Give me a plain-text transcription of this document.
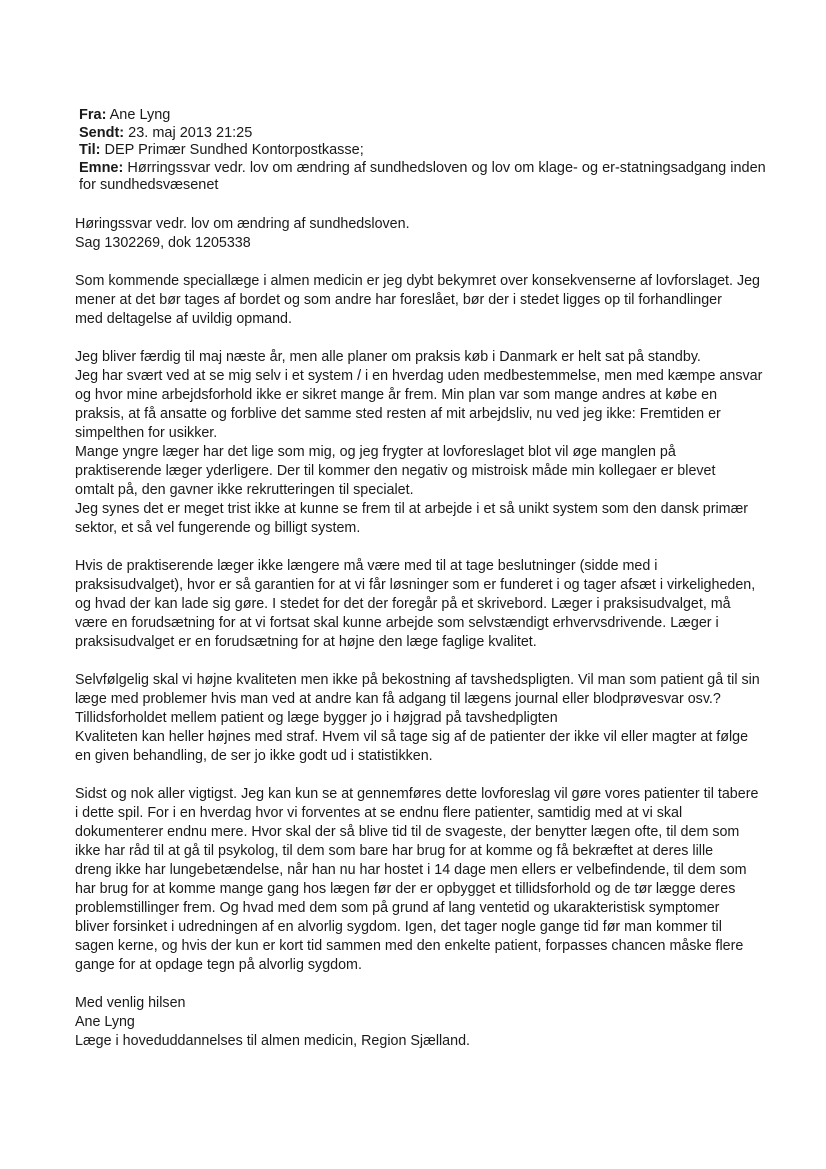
Fra: Ane Lyng
Sendt: 23. maj 2013 21:25
Til: DEP Primær Sundhed Kontorpostkasse;
Emne: Hørringssvar vedr. lov om ændring af sundhedsloven og lov om klage- og er-statningsadgang inden for sundhedsvæsenet

Høringssvar vedr. lov om ændring af sundhedsloven.
Sag 1302269, dok 1205338

Som kommende speciallæge i almen medicin er jeg dybt bekymret over konsekvenserne af lovforslaget. Jeg
mener at det bør tages af bordet og som andre har foreslået, bør der i stedet ligges op til forhandlinger
med deltagelse af uvildig opmand.

Jeg bliver færdig til maj næste år, men alle planer om praksis køb i Danmark er helt sat på standby.
Jeg har svært ved at se mig selv i et system / i en hverdag uden medbestemmelse, men med kæmpe ansvar
og hvor mine arbejdsforhold ikke er sikret mange år frem. Min plan var som mange andres at købe en
praksis, at få ansatte og forblive det samme sted resten af mit arbejdsliv, nu ved jeg ikke: Fremtiden er
simpelthen for usikker.
Mange yngre læger har det lige som mig, og jeg frygter at lovforeslaget blot vil øge manglen på
praktiserende læger yderligere. Der til kommer den negativ og mistroisk måde min kollegaer er blevet
omtalt på, den gavner ikke rekrutteringen til specialet.
Jeg synes det er meget trist ikke at kunne se frem til at arbejde i et så unikt system som den dansk primær
sektor, et så vel fungerende og billigt system.

Hvis de praktiserende læger ikke længere må være med til at tage beslutninger (sidde med i
praksisudvalget), hvor er så garantien for at vi får løsninger som er funderet i og tager afsæt i virkeligheden,
og hvad der kan lade sig gøre. I stedet for det der foregår på et skrivebord. Læger i praksisudvalget, må
være en forudsætning for at vi fortsat skal kunne arbejde som selvstændigt erhvervsdrivende. Læger i
praksisudvalget er en forudsætning for at højne den læge faglige kvalitet.

Selvfølgelig skal vi højne kvaliteten men ikke på bekostning af tavshedspligten. Vil man som patient gå til sin
læge med problemer hvis man ved at andre kan få adgang til lægens journal eller blodprøvesvar osv.?
Tillidsforholdet mellem patient og læge bygger jo i højgrad på tavshedpligten
Kvaliteten kan heller højnes med straf. Hvem vil så tage sig af de patienter der ikke vil eller magter at følge
en given behandling, de ser jo ikke godt ud i statistikken.

Sidst og nok aller vigtigst. Jeg kan kun se at gennemføres dette lovforeslag vil gøre vores patienter til tabere
i dette spil. For i en hverdag hvor vi forventes at se endnu flere patienter, samtidig med at vi skal
dokumenterer endnu mere. Hvor skal der så blive tid til de svageste, der benytter lægen ofte, til dem som
ikke har råd til at gå til psykolog, til dem som bare har brug for at komme og få bekræftet at deres lille
dreng ikke har lungebetændelse, når han nu har hostet i 14 dage men ellers er velbefindende, til dem som
har brug for at komme mange gang hos lægen før der er opbygget et tillidsforhold og de tør lægge deres
problemstillinger frem. Og hvad med dem som på grund af lang ventetid og ukarakteristisk symptomer
bliver forsinket i udredningen af en alvorlig sygdom. Igen, det tager nogle gange tid før man kommer til
sagen kerne, og hvis der kun er kort tid sammen med den enkelte patient, forpasses chancen måske flere
gange for at opdage tegn på alvorlig sygdom.

Med venlig hilsen
Ane Lyng
Læge i hoveduddannelses til almen medicin, Region Sjælland.
